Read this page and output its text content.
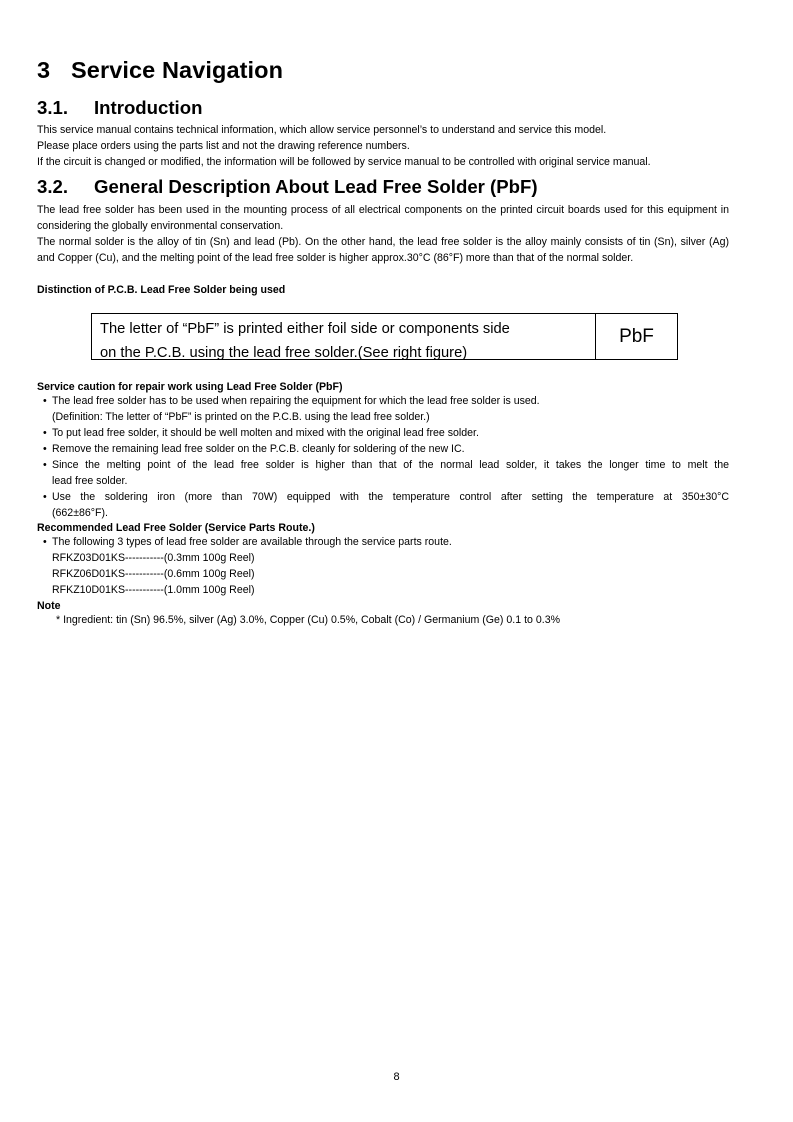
3 Service Navigation
3.1. Introduction

This service manual contains technical information, which allow service personnel’s to understand and service this model.

Please place orders using the parts list and not the drawing reference numbers.

If the circuit is changed or modified, the information will be followed by service manual to be controlled with original service manual.

3.2. General Description About Lead Free Solder (PbF)

The lead free solder has been used in the mounting process of all electrical components on the printed circuit boards used for this equipment in considering the globally environmental conservation.

The normal solder is the alloy of tin (Sn) and lead (Pb). On the other hand, the lead free solder is the alloy mainly consists of tin (Sn), silver (Ag) and Copper (Cu), and the melting point of the lead free solder is higher approx.30°C (86°F) more than that of the normal solder.

Distinction of P.C.B. Lead Free Solder being used

The letter of “PbF” is printed either foil side or components side
on the P.C.B. using the lead free solder.(See right figure)
PbF

Service caution for repair work using Lead Free Solder (PbF)

• The lead free solder has to be used when repairing the equipment for which the lead free solder is used.

(Definition: The letter of “PbF” is printed on the P.C.B. using the lead free solder.)

• To put lead free solder, it should be well molten and mixed with the original lead free solder.

• Remove the remaining lead free solder on the P.C.B. cleanly for soldering of the new IC.

• Since the melting point of the lead free solder is higher than that of the normal lead solder, it takes the longer time to melt the

lead free solder.

• Use the soldering iron (more than 70W) equipped with the temperature control after setting the temperature at 350±30°C

(662±86°F).

Recommended Lead Free Solder (Service Parts Route.)

• The following 3 types of lead free solder are available through the service parts route.

RFKZ03D01KS-----------(0.3mm 100g Reel)

RFKZ06D01KS-----------(0.6mm 100g Reel)

RFKZ10D01KS-----------(1.0mm 100g Reel)

Note

* Ingredient: tin (Sn) 96.5%, silver (Ag) 3.0%, Copper (Cu) 0.5%, Cobalt (Co) / Germanium (Ge) 0.1 to 0.3%

8
